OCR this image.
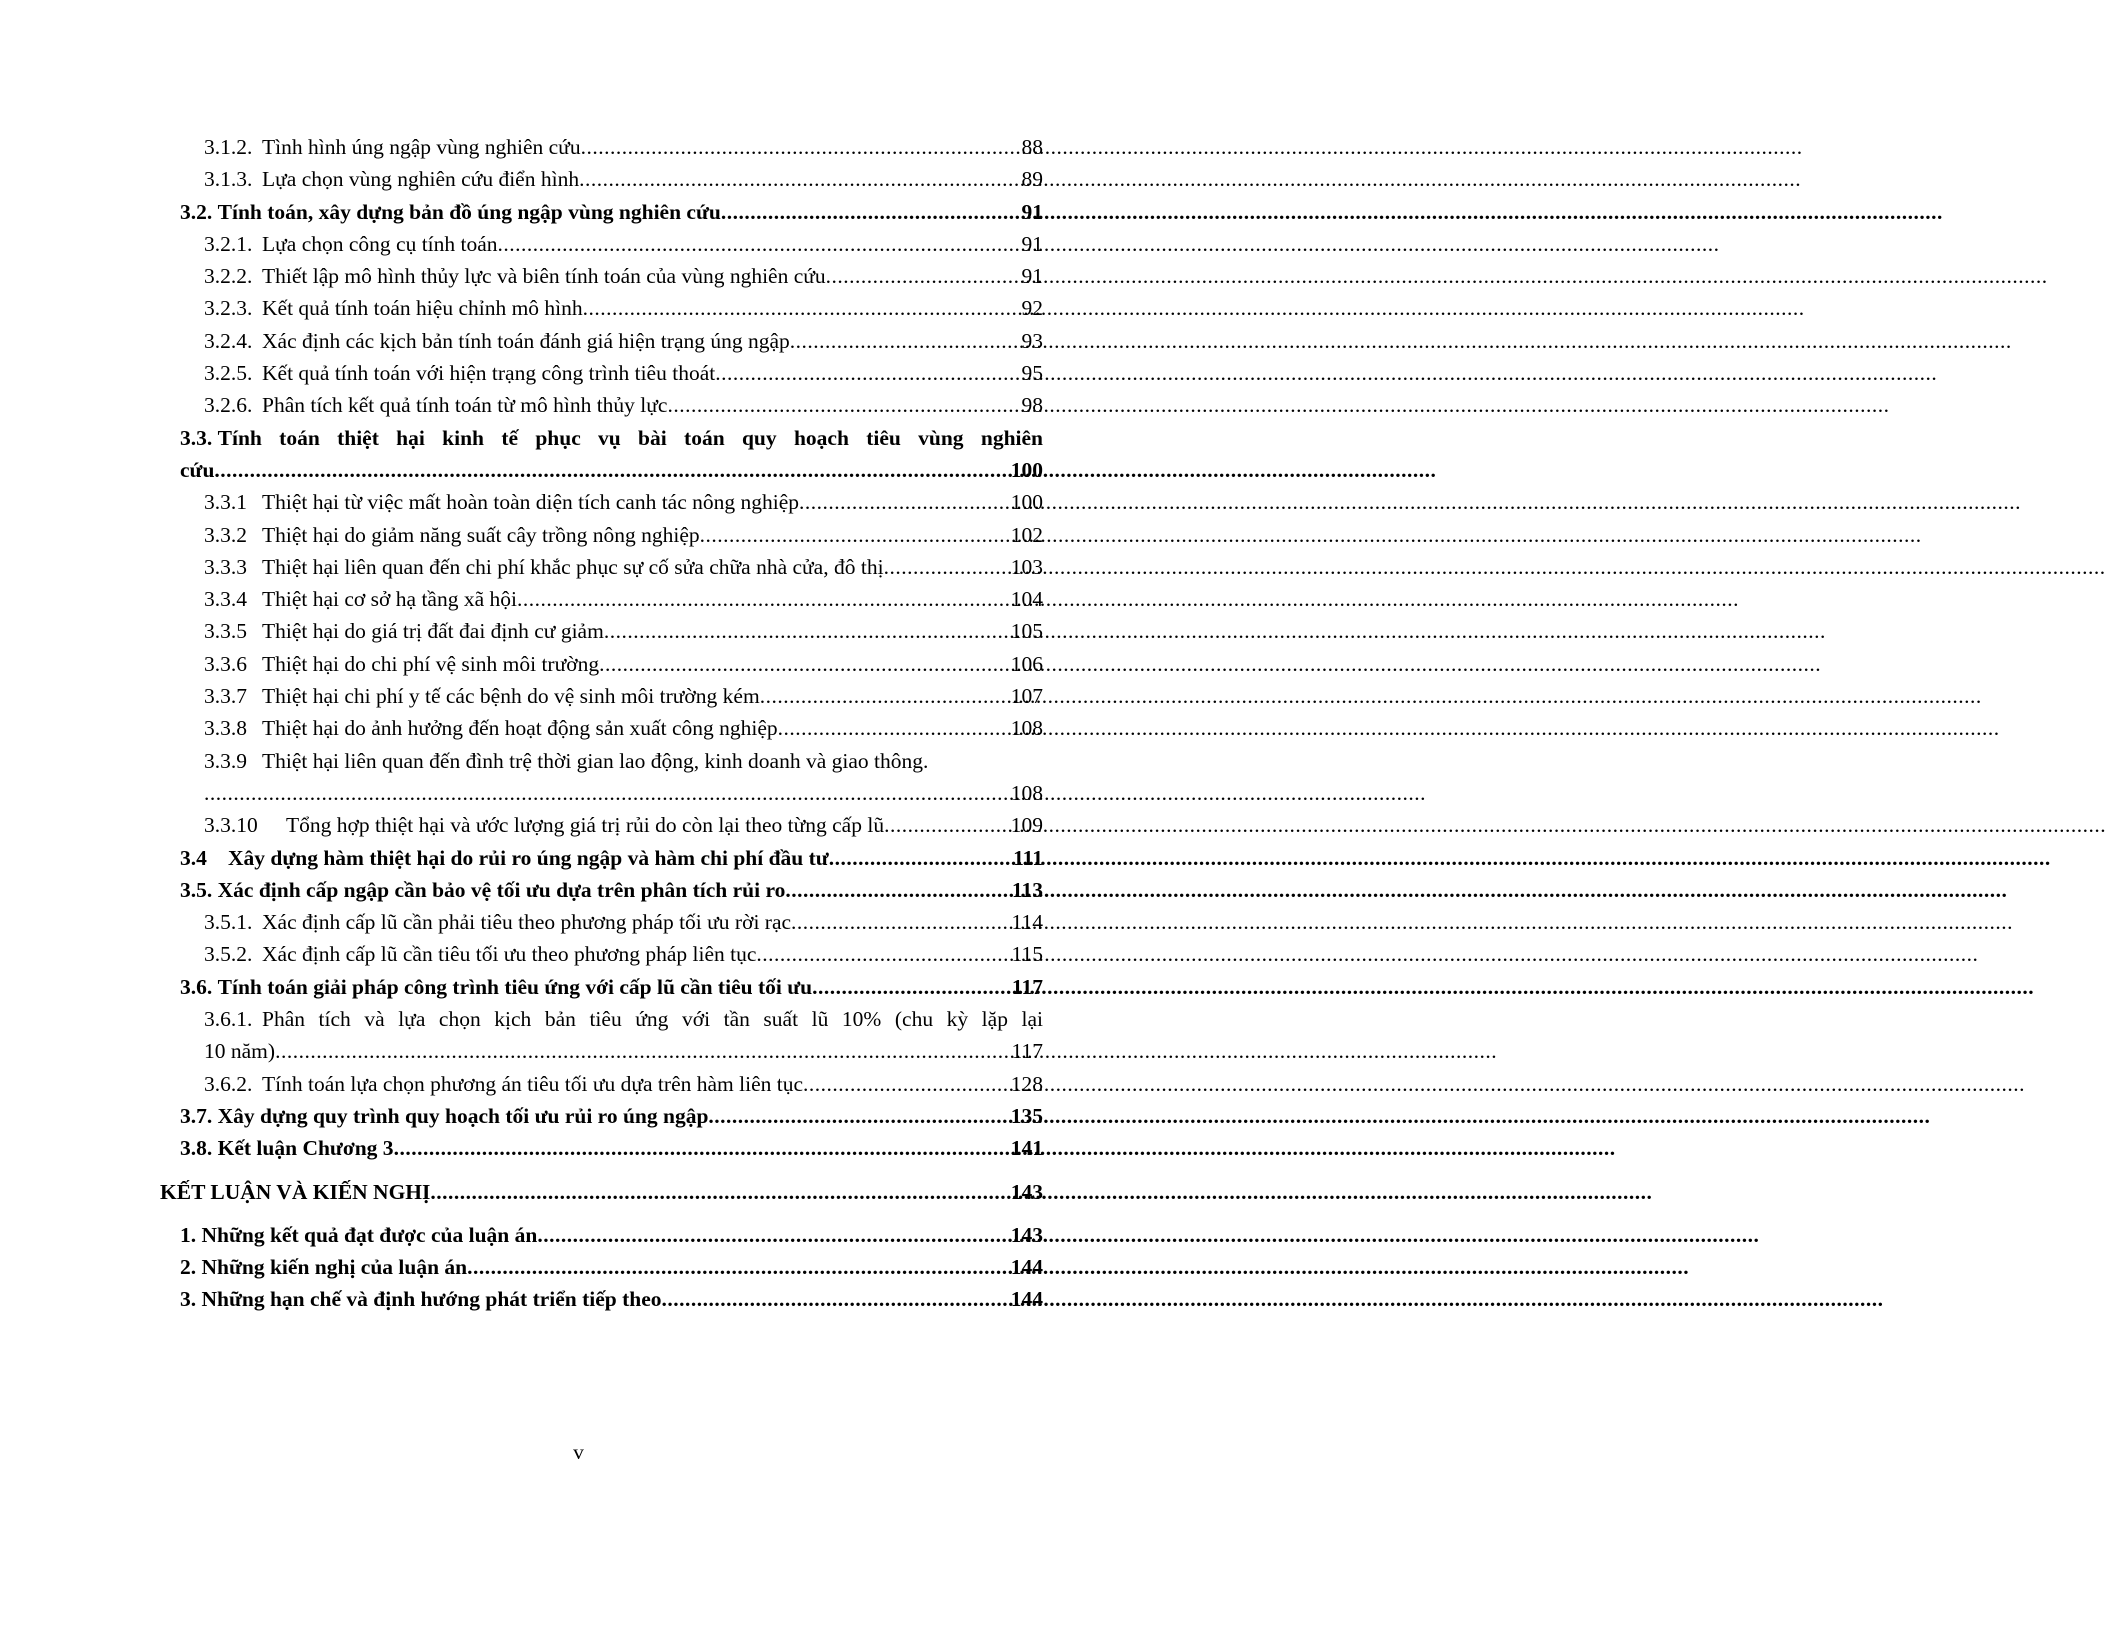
3.1.2. Tình hình úng ngập vùng nghiên cứu .....	88
3.1.3. Lựa chọn vùng nghiên cứu điển hình .....	89
3.2.
Tính toán, xây dựng bản đồ úng ngập vùng nghiên cứu .....	91
3.2.1. Lựa chọn công cụ tính toán .....	91
3.2.2. Thiết lập mô hình thủy lực và biên tính toán của vùng nghiên cứu .....	91
3.2.3. Kết quả tính toán hiệu chỉnh mô hình .....	92
3.2.4. Xác định các kịch bản tính toán đánh giá hiện trạng úng ngập .....	93
3.2.5. Kết quả tính toán với hiện trạng công trình tiêu thoát .....	95
3.2.6. Phân tích kết quả tính toán từ mô hình thủy lực .....	98
3.3.
Tính toán thiệt hại kinh tế phục vụ bài toán quy hoạch tiêu vùng nghiên
cứu .....	100
3.3.1 Thiệt hại từ việc mất hoàn toàn diện tích canh tác nông nghiệp .....	100
3.3.2 Thiệt hại do giảm năng suất cây trồng nông nghiệp .....	102
3.3.3 Thiệt hại liên quan đến chi phí khắc phục sự cố sửa chữa nhà cửa, đô thị .....	103
3.3.4 Thiệt hại cơ sở hạ tầng xã hội .....	104
3.3.5 Thiệt hại do giá trị đất đai định cư giảm .....	105
3.3.6 Thiệt hại do chi phí vệ sinh môi trường .....	106
3.3.7 Thiệt hại chi phí y tế các bệnh do vệ sinh môi trường kém .....	107
3.3.8 Thiệt hại do ảnh hưởng đến hoạt động sản xuất công nghiệp .....	108
3.3.9 Thiệt hại liên quan đến đình trệ thời gian lao động, kinh doanh và giao thông.
.....
108
3.3.10	Tổng hợp thiệt hại và ước lượng giá trị rủi do còn lại theo từng cấp lũ .....	109
3.4 Xây dựng hàm thiệt hại do rủi ro úng ngập và hàm chi phí đầu tư .....	111
3.5.
Xác định cấp ngập cần bảo vệ tối ưu dựa trên phân tích rủi ro .....	113
3.5.1. Xác định cấp lũ cần phải tiêu theo phương pháp tối ưu rời rạc .....	114
3.5.2. Xác định cấp lũ cần tiêu tối ưu theo phương pháp liên tục .....	115
3.6.
Tính toán giải pháp công trình tiêu ứng với cấp lũ cần tiêu tối ưu .....	117
3.6.1. Phân tích và lựa chọn kịch bản tiêu ứng với tần suất lũ 10% (chu kỳ lặp lại
10 năm) .....	117
3.6.2. Tính toán lựa chọn phương án tiêu tối ưu dựa trên hàm liên tục .....	128
3.7.
Xây dựng quy trình quy hoạch tối ưu rủi ro úng ngập .....	135
3.8.
Kết luận Chương 3 .....	141
KẾT LUẬN VÀ KIẾN NGHỊ .....	143
1. Những kết quả đạt được của luận án .....	143
2. Những kiến nghị của luận án .....	144
3. Những hạn chế và định hướng phát triển tiếp theo .....	144
v
